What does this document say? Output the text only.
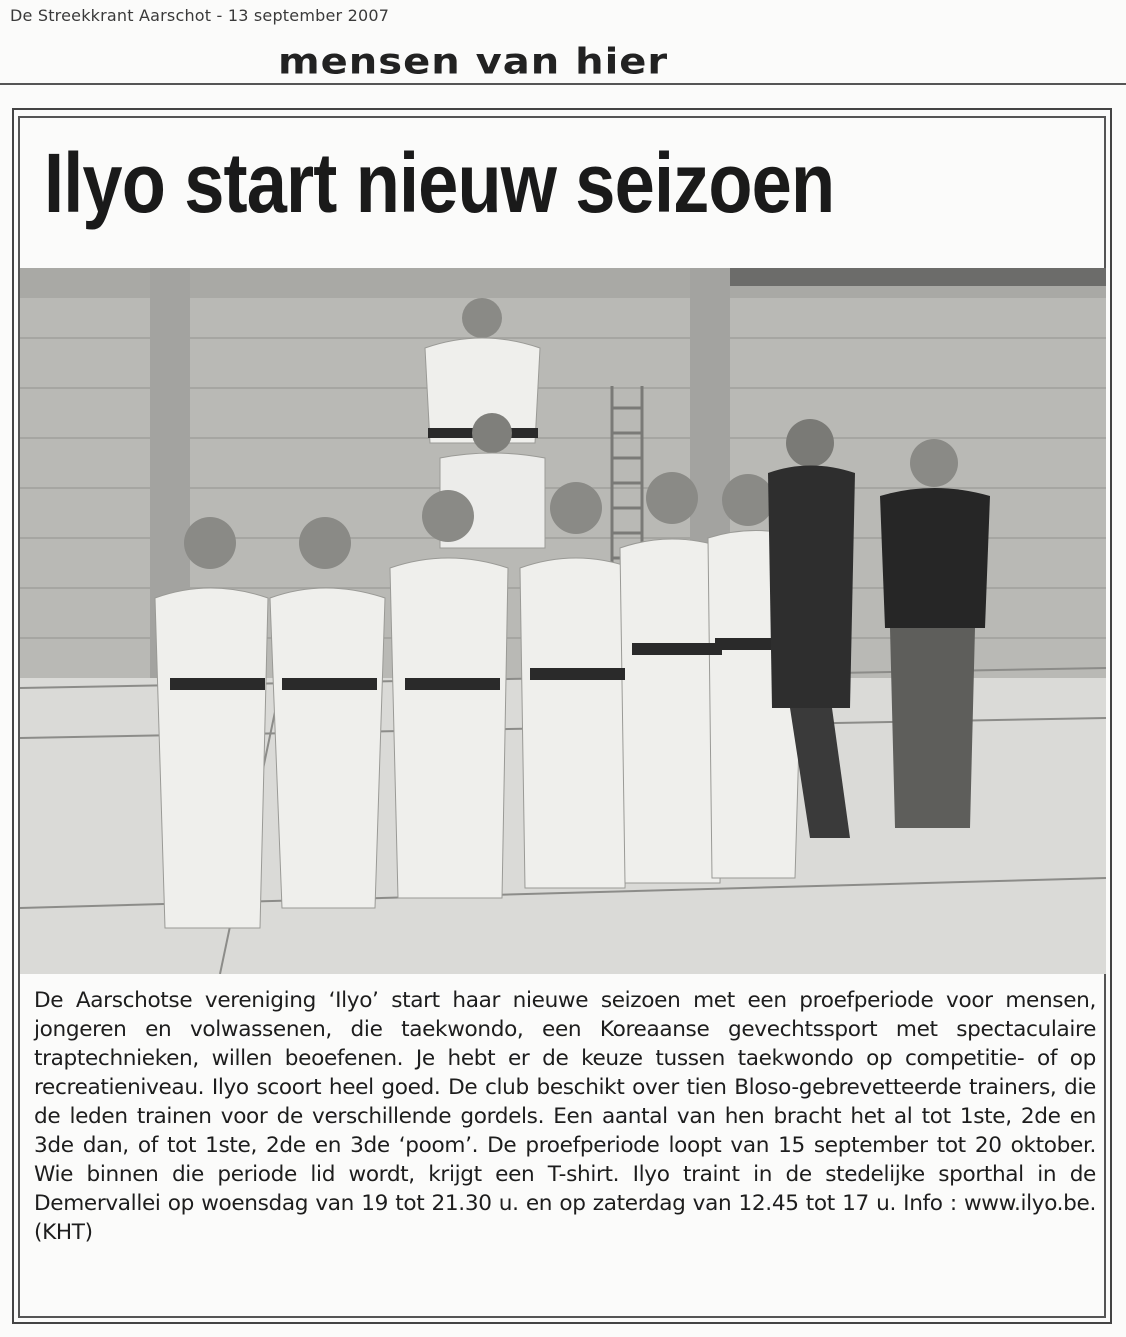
De Streekkrant Aarschot - 13 september 2007
mensen van hier
Ilyo start nieuw seizoen
De Aarschotse vereniging ‘Ilyo’ start haar nieuwe seizoen met een proefperiode voor mensen, jongeren en volwassenen, die taekwondo, een Koreaanse gevechtssport met spectaculaire traptechnieken, willen beoefenen. Je hebt er de keuze tussen taekwondo op competitie- of op recreatieniveau. Ilyo scoort heel goed. De club beschikt over tien Bloso-gebrevetteerde trainers, die de leden trainen voor de verschillende gordels. Een aantal van hen bracht het al tot 1ste, 2de en 3de dan, of tot 1ste, 2de en 3de ‘poom’. De proefperiode loopt van 15 september tot 20 oktober. Wie binnen die periode lid wordt, krijgt een T-shirt. Ilyo traint in de stedelijke sporthal in de Demervallei op woensdag van 19 tot 21.30 u. en op zaterdag van 12.45 tot 17 u. Info : www.ilyo.be. (KHT)
